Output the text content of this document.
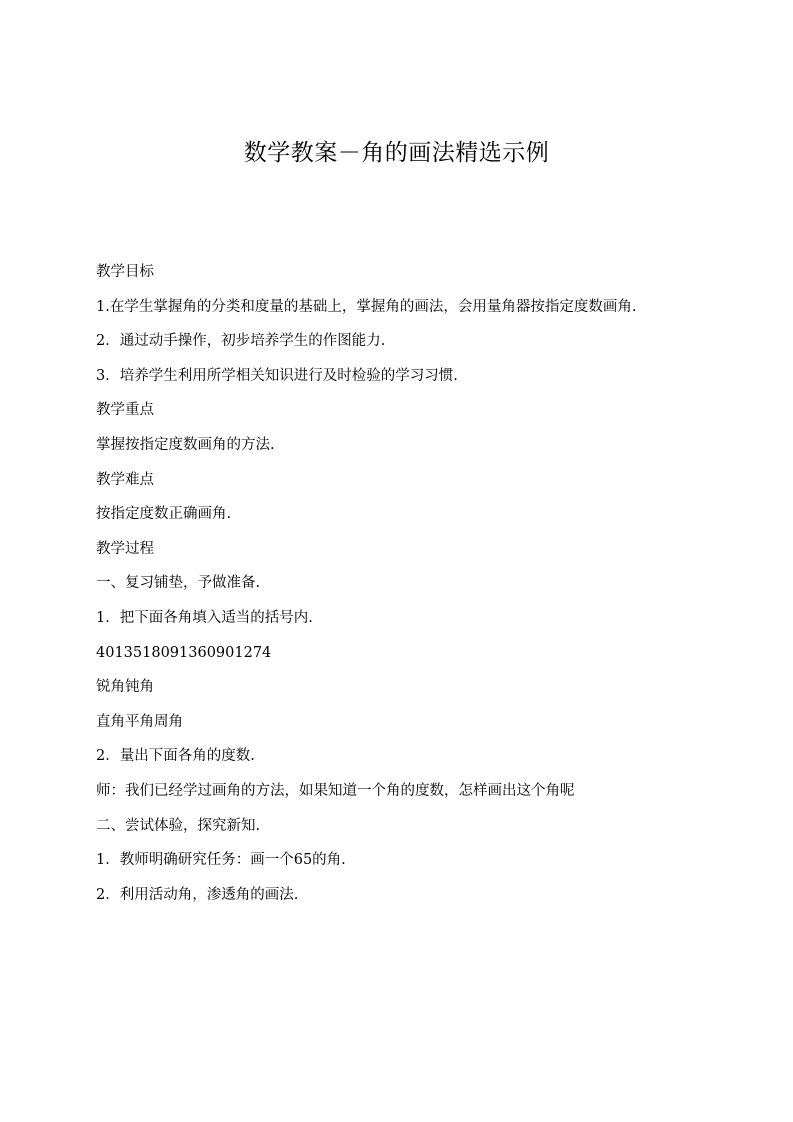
数学教案－角的画法精选示例
教学目标
1.在学生掌握角的分类和度量的基础上，掌握角的画法，会用量角器按指定度数画角.
2．通过动手操作，初步培养学生的作图能力.
3．培养学生利用所学相关知识进行及时检验的学习习惯.
教学重点
掌握按指定度数画角的方法.
教学难点
按指定度数正确画角.
教学过程
一、复习铺垫，予做准备.
1．把下面各角填入适当的括号内.
4013518091360901274
锐角钝角
直角平角周角
2．量出下面各角的度数.
师：我们已经学过画角的方法，如果知道一个角的度数，怎样画出这个角呢
二、尝试体验，探究新知.
1．教师明确研究任务：画一个65的角.
2．利用活动角，渗透角的画法.
